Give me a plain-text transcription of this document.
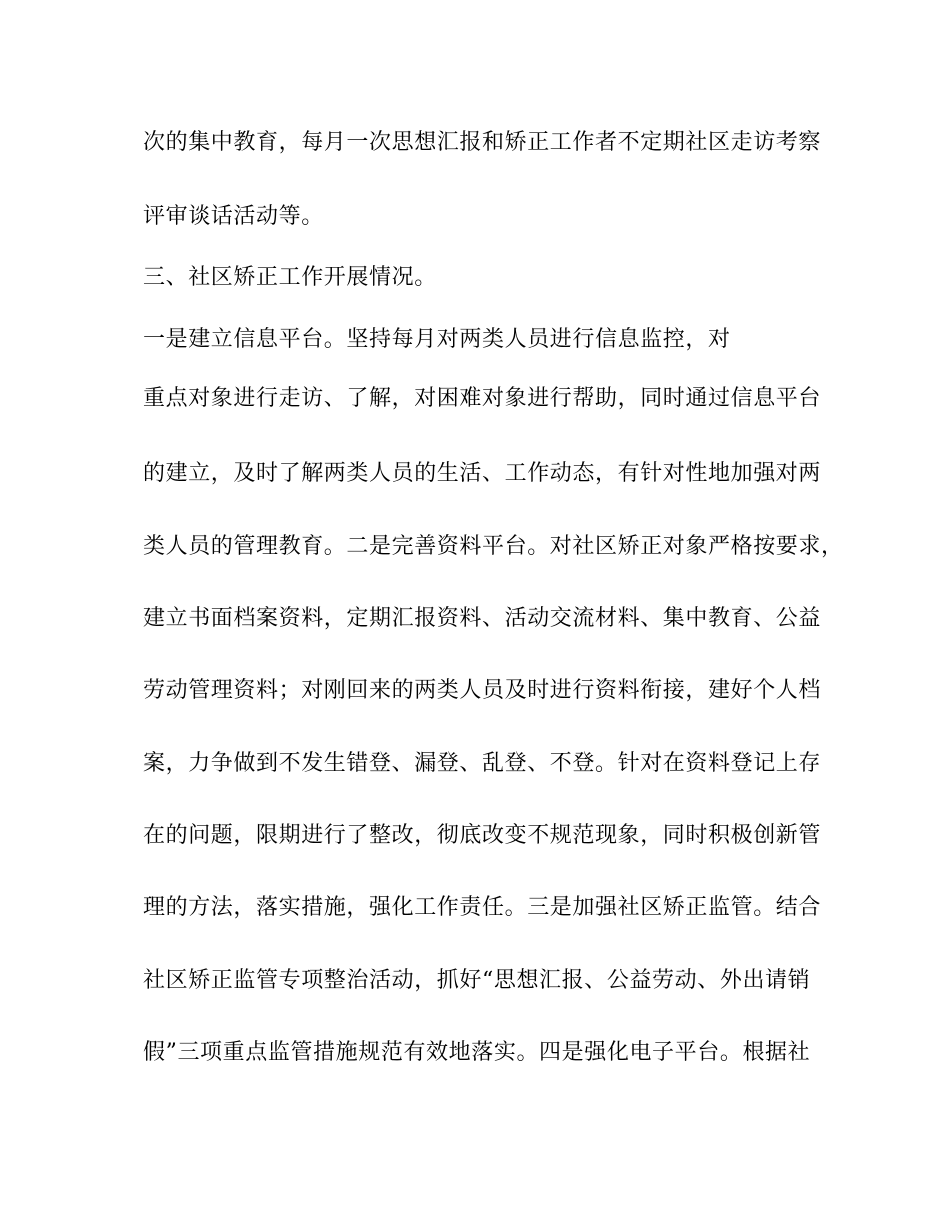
次的集中教育，每月一次思想汇报和矫正工作者不定期社区走访考察
评审谈话活动等。
三、社区矫正工作开展情况。
一是建立信息平台。坚持每月对两类人员进行信息监控，对
重点对象进行走访、了解，对困难对象进行帮助，同时通过信息平台
的建立，及时了解两类人员的生活、工作动态，有针对性地加强对两
类人员的管理教育。二是完善资料平台。对社区矫正对象严格按要求，
建立书面档案资料，定期汇报资料、活动交流材料、集中教育、公益
劳动管理资料；对刚回来的两类人员及时进行资料衔接，建好个人档
案，力争做到不发生错登、漏登、乱登、不登。针对在资料登记上存
在的问题，限期进行了整改，彻底改变不规范现象，同时积极创新管
理的方法，落实措施，强化工作责任。三是加强社区矫正监管。结合
社区矫正监管专项整治活动，抓好“思想汇报、公益劳动、外出请销
假”三项重点监管措施规范有效地落实。四是强化电子平台。根据社
